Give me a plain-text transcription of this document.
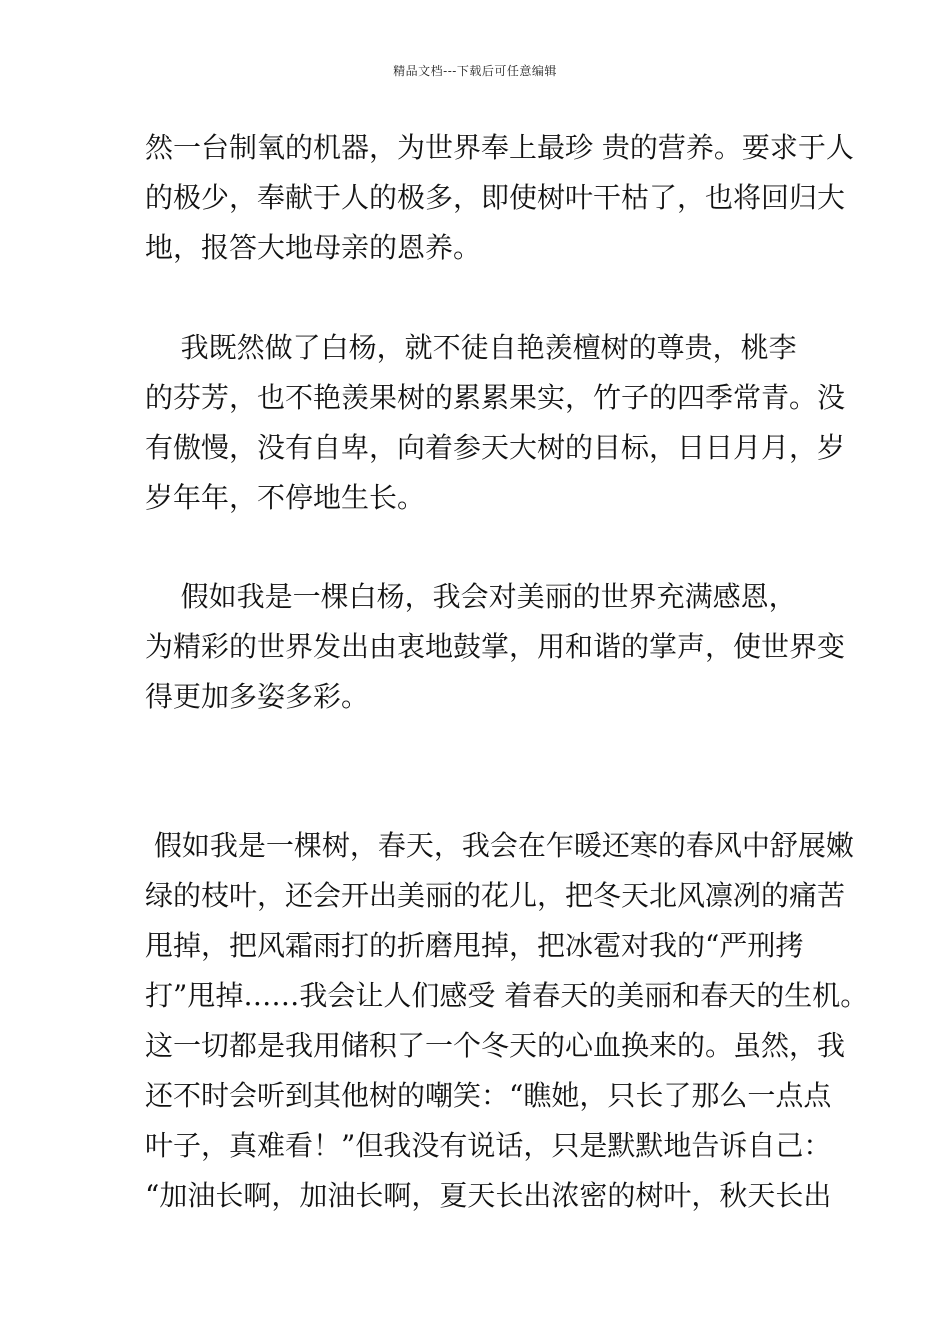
精品文档---下载后可任意编辑
然一台制氧的机器，为世界奉上最珍 贵的营养。要求于人
的极少，奉献于人的极多，即使树叶干枯了，也将回归大
地，报答大地母亲的恩养。
我既然做了白杨，就不徒自艳羡檀树的尊贵，桃李
的芬芳，也不艳羡果树的累累果实，竹子的四季常青。没
有傲慢，没有自卑，向着参天大树的目标，日日月月，岁
岁年年，不停地生长。
假如我是一棵白杨，我会对美丽的世界充满感恩，
为精彩的世界发出由衷地鼓掌，用和谐的掌声，使世界变
得更加多姿多彩。
假如我是一棵树，春天，我会在乍暖还寒的春风中舒展嫩
绿的枝叶，还会开出美丽的花儿，把冬天北风凛冽的痛苦
甩掉，把风霜雨打的折磨甩掉，把冰雹对我的“严刑拷
打”甩掉……我会让人们感受 着春天的美丽和春天的生机。
这一切都是我用储积了一个冬天的心血换来的。虽然，我
还不时会听到其他树的嘲笑：“瞧她，只长了那么一点点
叶子，真难看！”但我没有说话，只是默默地告诉自己：
“加油长啊，加油长啊，夏天长出浓密的树叶，秋天长出
